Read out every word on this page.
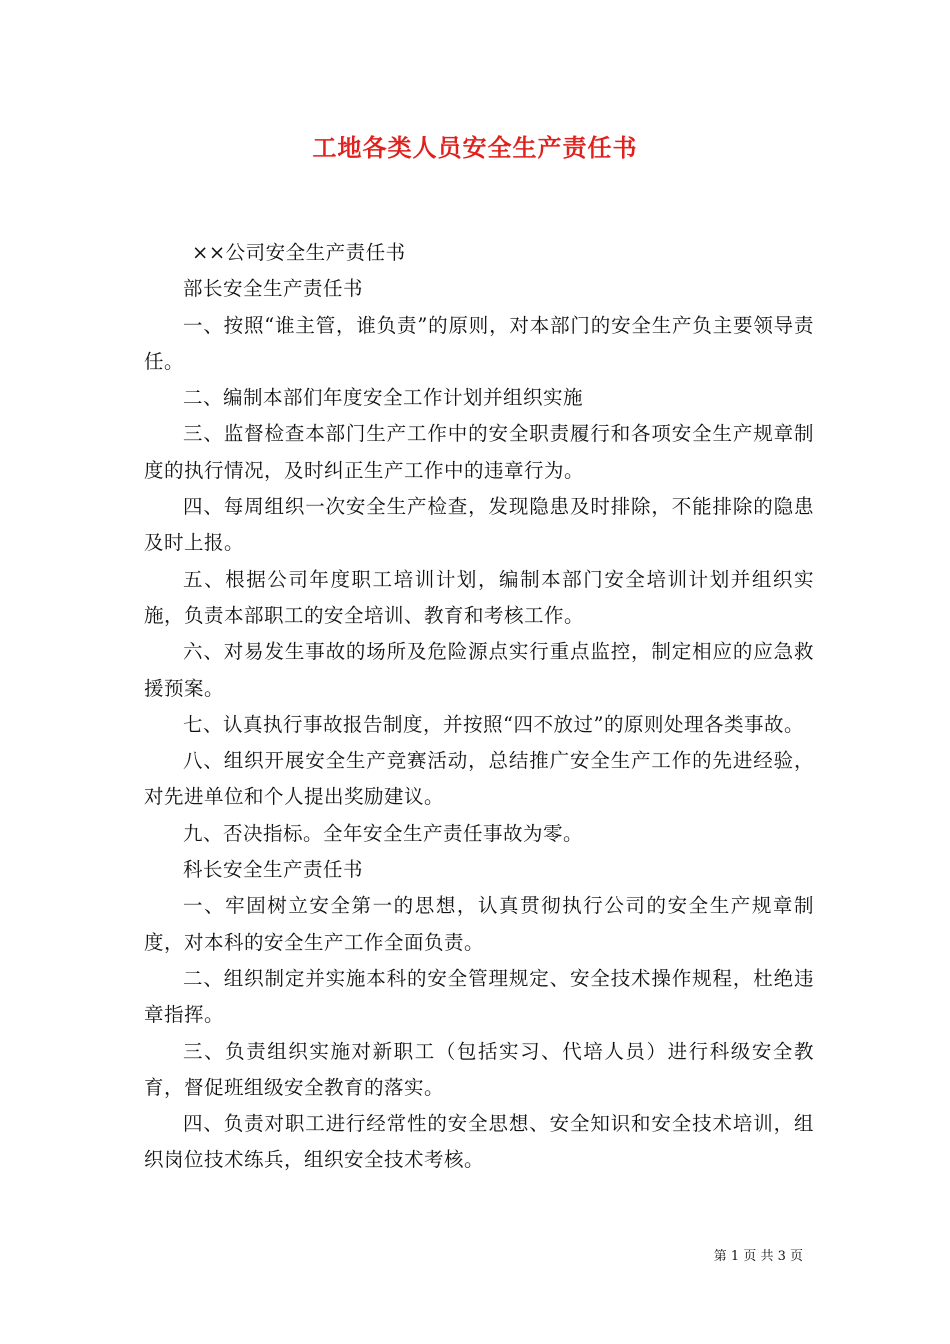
工地各类人员安全生产责任书

××公司安全生产责任书

部长安全生产责任书

一、按照“谁主管，谁负责”的原则，对本部门的安全生产负主要领导责任。

二、编制本部们年度安全工作计划并组织实施

三、监督检查本部门生产工作中的安全职责履行和各项安全生产规章制度的执行情况，及时纠正生产工作中的违章行为。

四、每周组织一次安全生产检查，发现隐患及时排除，不能排除的隐患及时上报。

五、根据公司年度职工培训计划，编制本部门安全培训计划并组织实施，负责本部职工的安全培训、教育和考核工作。

六、对易发生事故的场所及危险源点实行重点监控，制定相应的应急救援预案。

七、认真执行事故报告制度，并按照“四不放过”的原则处理各类事故。

八、组织开展安全生产竞赛活动，总结推广安全生产工作的先进经验，对先进单位和个人提出奖励建议。

九、否决指标。全年安全生产责任事故为零。

科长安全生产责任书

一、牢固树立安全第一的思想，认真贯彻执行公司的安全生产规章制度，对本科的安全生产工作全面负责。

二、组织制定并实施本科的安全管理规定、安全技术操作规程，杜绝违章指挥。

三、负责组织实施对新职工（包括实习、代培人员）进行科级安全教育，督促班组级安全教育的落实。

四、负责对职工进行经常性的安全思想、安全知识和安全技术培训，组织岗位技术练兵，组织安全技术考核。

第 1 页 共 3 页
